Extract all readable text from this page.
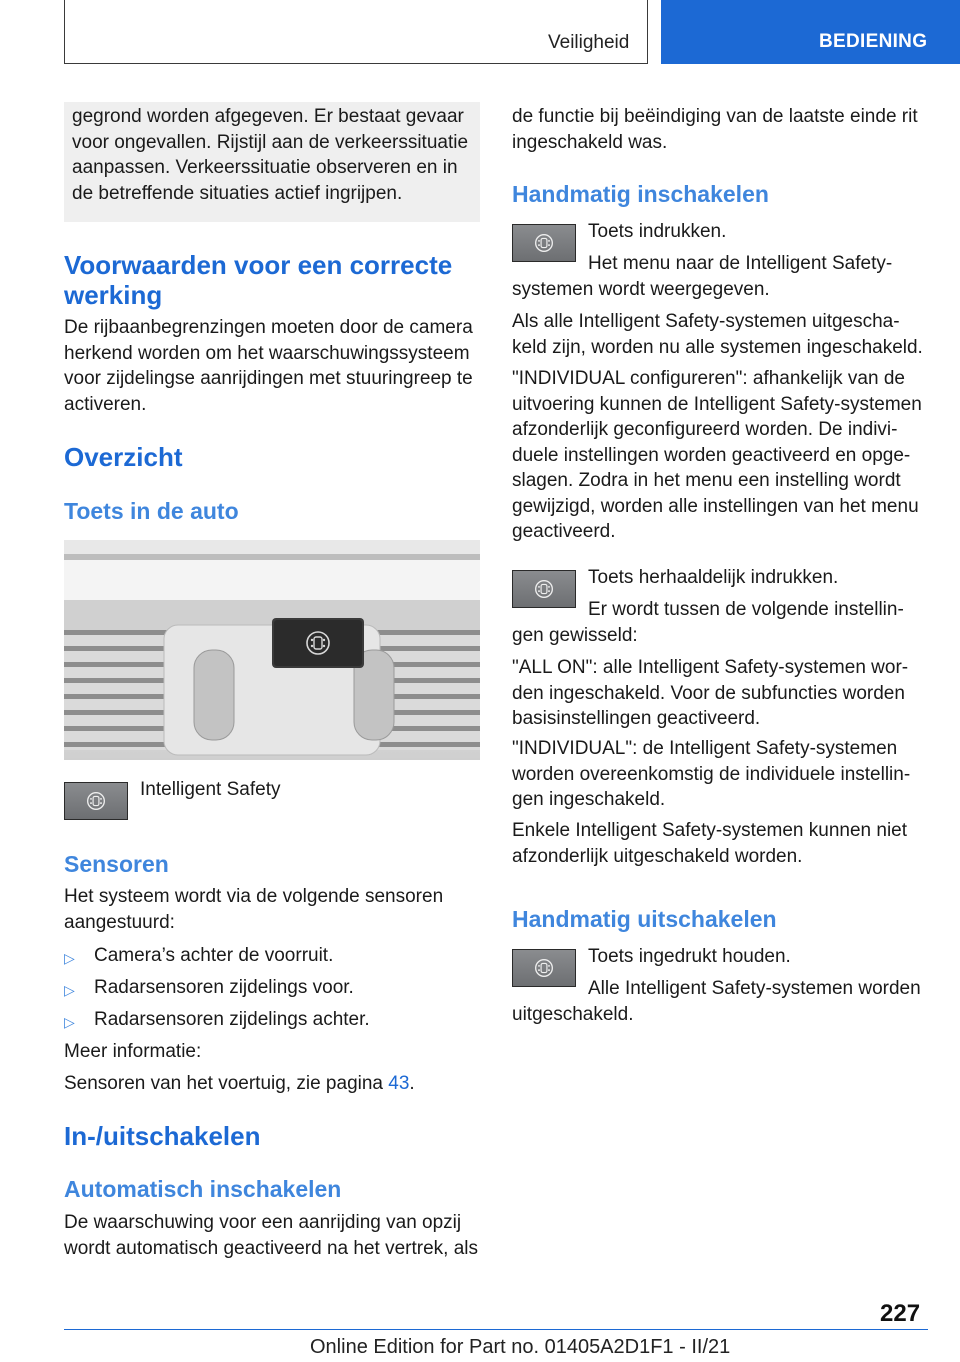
Veiligheid	BEDIENING
gegrond worden afgegeven. Er bestaat gevaar voor ongevallen. Rijstijl aan de verkeerssituatie aanpassen. Verkeerssituatie observeren en in de betreffende situaties actief ingrijpen.
Voorwaarden voor een correcte werking
De rijbaanbegrenzingen moeten door de camera herkend worden om het waarschuwingssysteem voor zijdelingse aanrijdingen met stuuringreep te activeren.
Overzicht
Toets in de auto
Intelligent Safety
Sensoren
Het systeem wordt via de volgende sensoren aangestuurd:
▷	Camera’s achter de voorruit.
▷	Radarsensoren zijdelings voor.
▷	Radarsensoren zijdelings achter.
Meer informatie:
Sensoren van het voertuig, zie pagina 43.
In-/uitschakelen
Automatisch inschakelen
De waarschuwing voor een aanrijding van opzij wordt automatisch geactiveerd na het vertrek, als
de functie bij beëindiging van de laatste einde rit ingeschakeld was.
Handmatig inschakelen
Toets indrukken.
Het menu naar de Intelligent Safety-systemen wordt weergegeven.
Als alle Intelligent Safety-systemen uitgescha-keld zijn, worden nu alle systemen ingeschakeld.
"INDIVIDUAL configureren": afhankelijk van de uitvoering kunnen de Intelligent Safety-systemen afzonderlijk geconfigureerd worden. De indivi-duele instellingen worden geactiveerd en opge-slagen. Zodra in het menu een instelling wordt gewijzigd, worden alle instellingen van het menu geactiveerd.
Toets herhaaldelijk indrukken.
Er wordt tussen de volgende instellin-gen gewisseld:
"ALL ON": alle Intelligent Safety-systemen wor-den ingeschakeld. Voor de subfuncties worden basisinstellingen geactiveerd.
"INDIVIDUAL": de Intelligent Safety-systemen worden overeenkomstig de individuele instellin-gen ingeschakeld.
Enkele Intelligent Safety-systemen kunnen niet afzonderlijk uitgeschakeld worden.
Handmatig uitschakelen
Toets ingedrukt houden.
Alle Intelligent Safety-systemen worden uitgeschakeld.
227
Online Edition for Part no. 01405A2D1F1 - II/21
